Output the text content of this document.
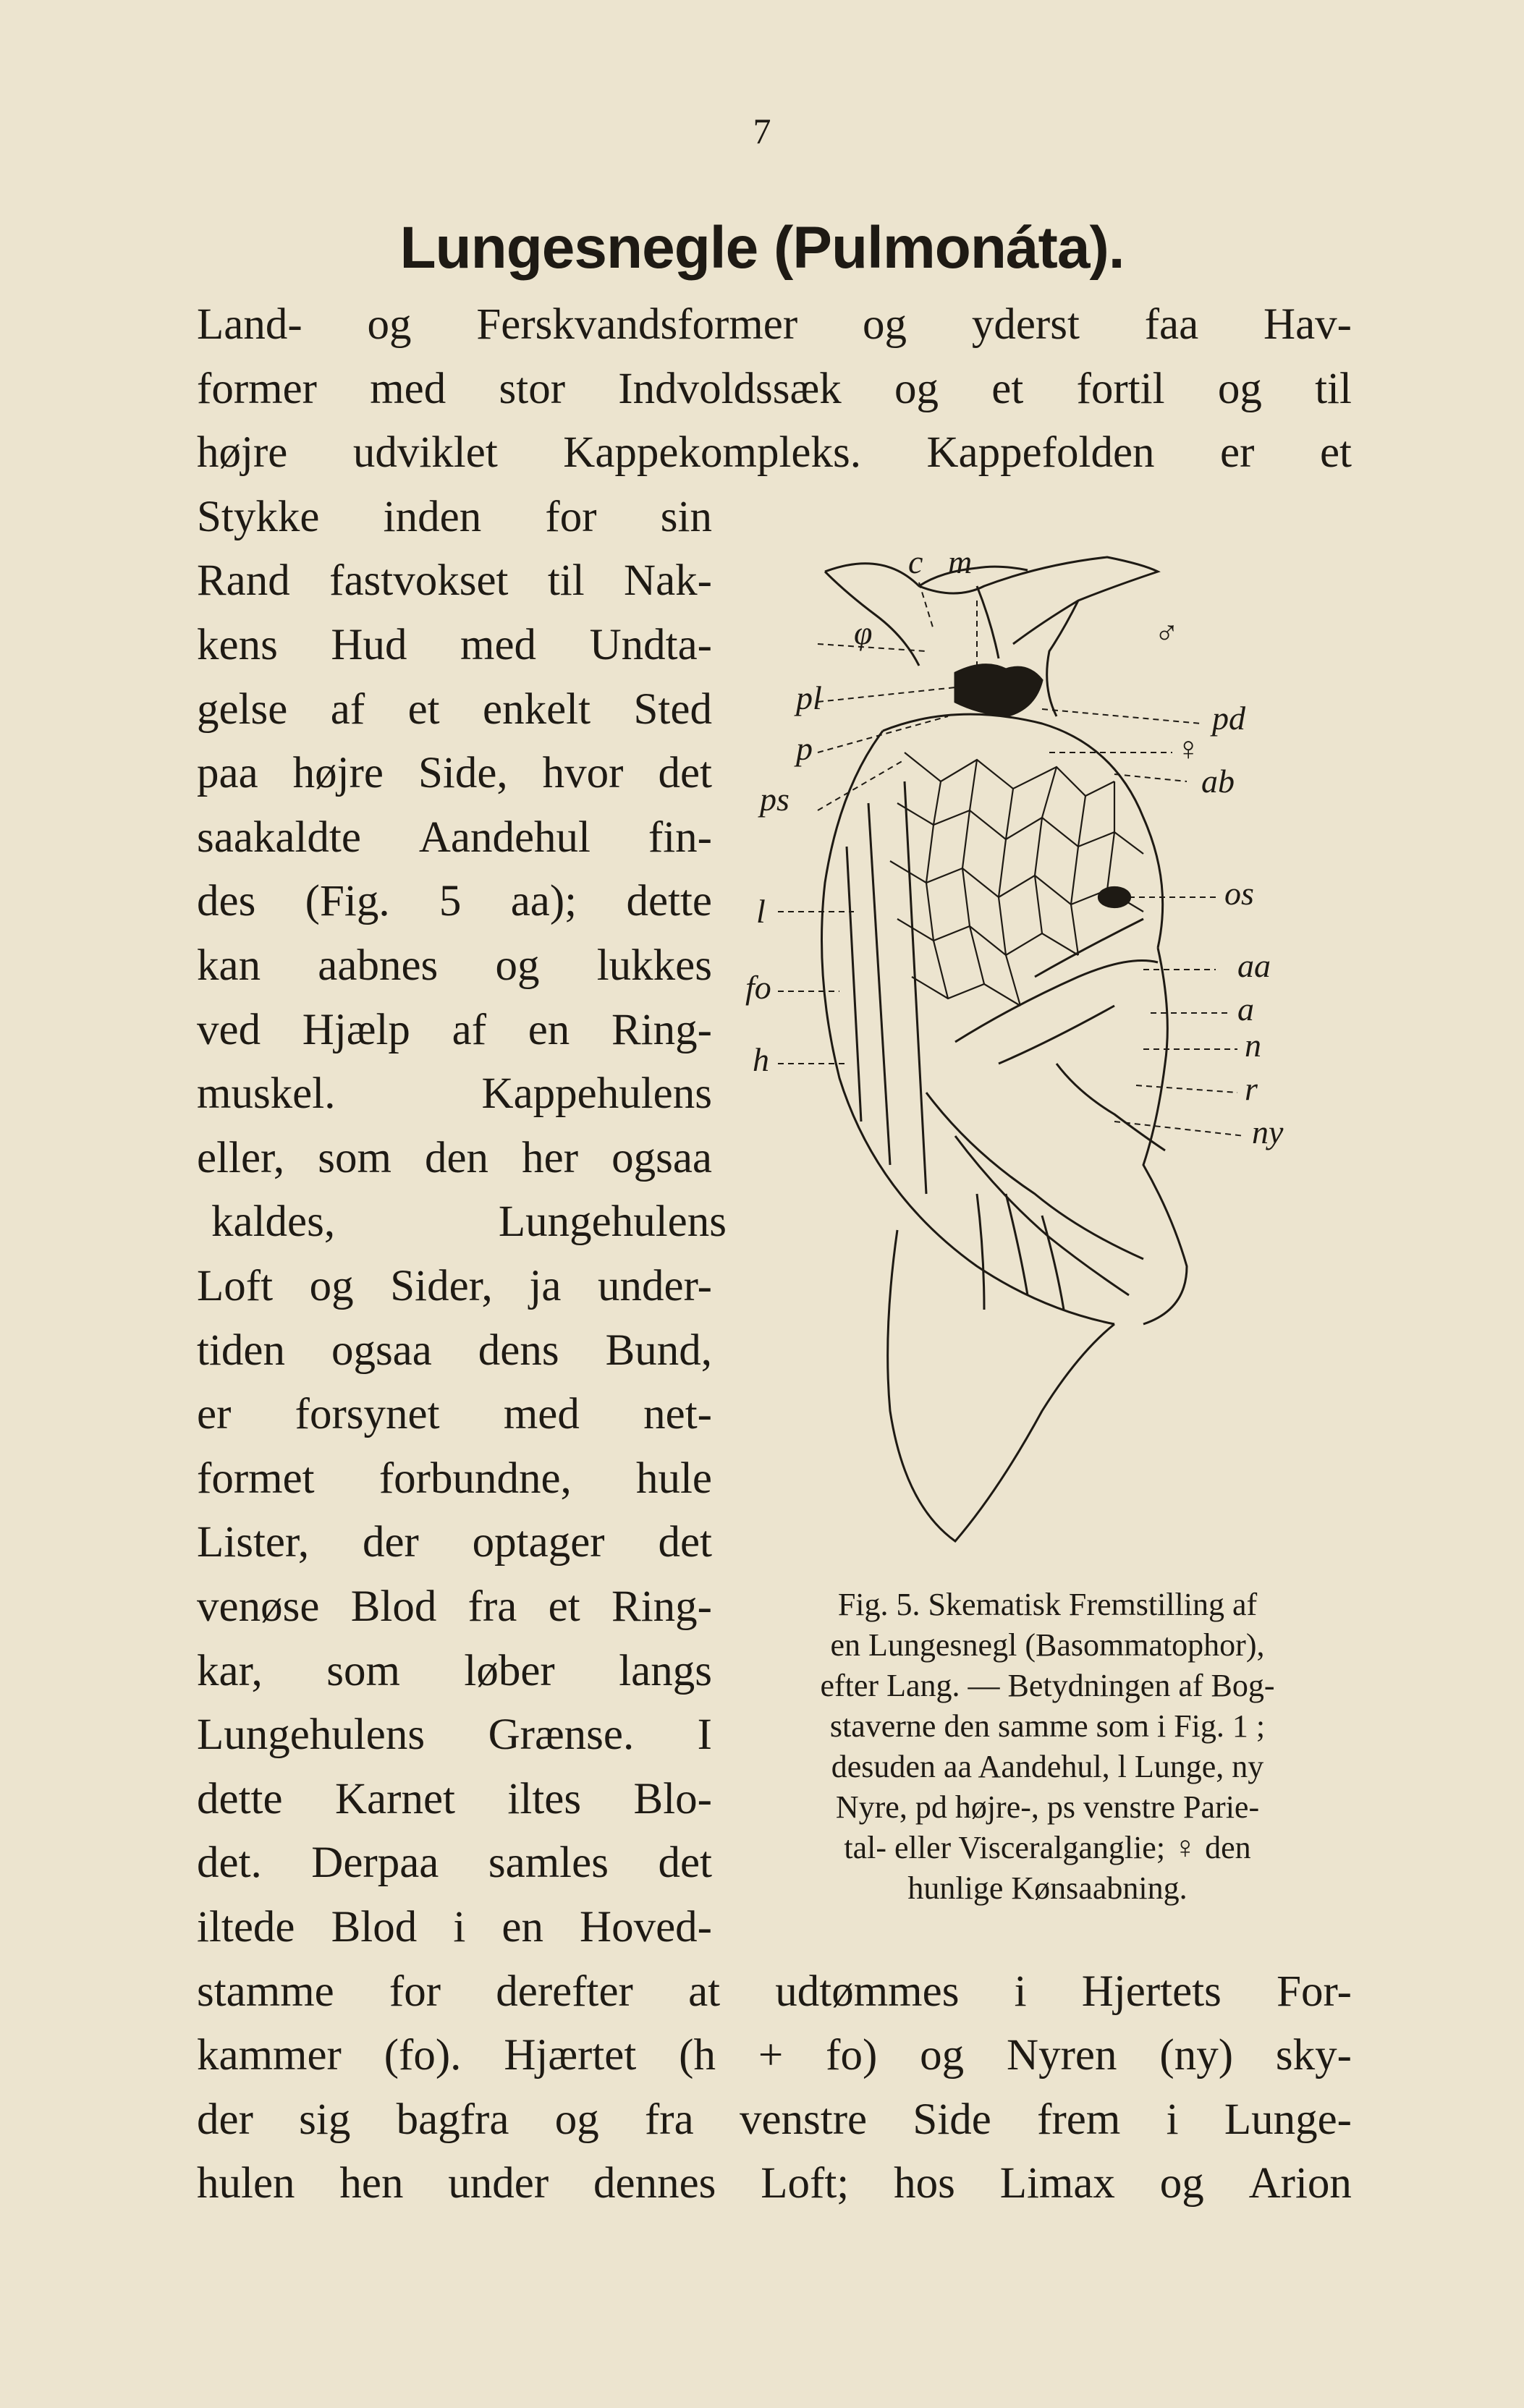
7
Lungesnegle (Pulmonáta).
Land- og Ferskvandsformer og yderst faa Hav-
former med stor Indvoldssæk og et fortil og til
højre udviklet Kappekompleks. Kappefolden er et
Stykke inden for sin
Rand fastvokset til Nak-
kens Hud med Undta-
gelse af et enkelt Sted
paa højre Side, hvor det
saakaldte Aandehul fin-
des (Fig. 5 aa); dette
kan aabnes og lukkes
ved Hjælp af en Ring-
muskel.	Kappehulens
eller, som den her ogsaa
kaldes,	Lungehulens
Loft og Sider, ja under-
tiden ogsaa dens Bund,
er forsynet med net-
formet forbundne, hule
Lister, der optager det
venøse Blod fra et Ring-
kar, som løber langs
Lungehulens Grænse. I
dette Karnet iltes Blo-
det. Derpaa samles det
iltede Blod i en Hoved-
stamme for derefter at udtømmes i Hjertets For-
kammer (fo). Hjærtet (h + fo) og Nyren (ny) sky-
der sig bagfra og fra venstre Side frem i Lunge-
hulen hen under dennes Loft; hos Limax og Arion
c m
φ	♂
pl
pd
p	♀
ab
ps
os
l
fo
aa
a
h	n
r
ny
Fig. 5. Skematisk Fremstilling af
en Lungesnegl (Basommatophor),
efter Lang. — Betydningen af Bog-
staverne den samme som i Fig. 1 ;
desuden aa Aandehul, l Lunge, ny
Nyre, pd højre-, ps venstre Parie-
tal- eller Visceralganglie; ♀ den
hunlige Kønsaabning.
